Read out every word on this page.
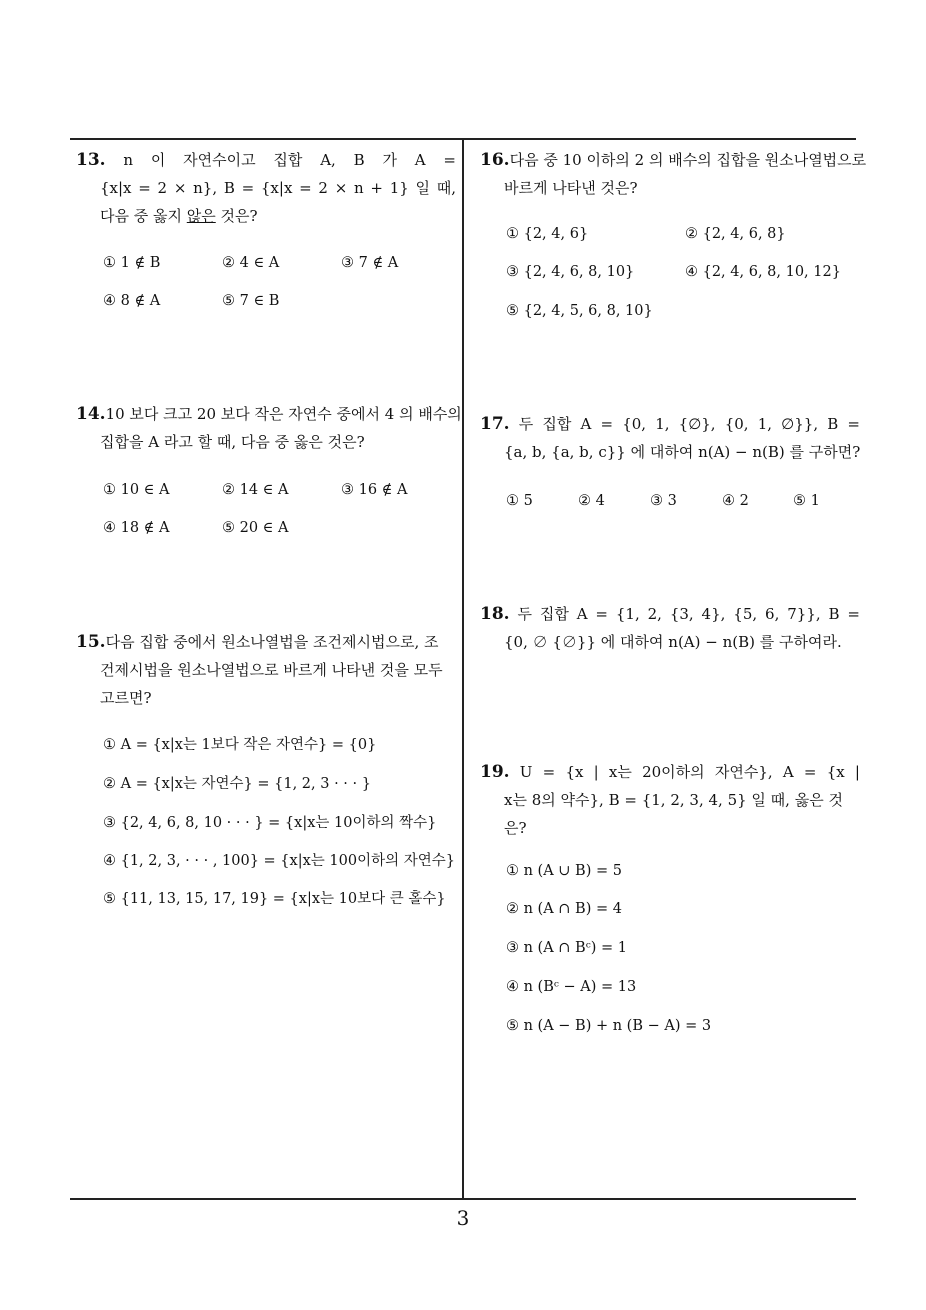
13. n 이 자연수이고 집합 A, B 가 A =
{x|x = 2 × n}, B = {x|x = 2 × n + 1} 일 때,
다음 중 옳지 않은 것은?
① 1 ∉ B	② 4 ∈ A	③ 7 ∉ A
④ 8 ∉ A	⑤ 7 ∈ B
14.10 보다 크고 20 보다 작은 자연수 중에서 4 의 배수의
집합을 A 라고 할 때, 다음 중 옳은 것은?
① 10 ∈ A	② 14 ∈ A	③ 16 ∉ A
④ 18 ∉ A	⑤ 20 ∈ A
15.다음 집합 중에서 원소나열법을 조건제시법으로, 조
건제시법을 원소나열법으로 바르게 나타낸 것을 모두
고르면?
① A = {x|x는 1보다 작은 자연수} = {0}
② A = {x|x는 자연수} = {1, 2, 3 · · · }
③ {2, 4, 6, 8, 10 · · · } = {x|x는 10이하의 짝수}
④ {1, 2, 3, · · · , 100} = {x|x는 100이하의 자연수}
⑤ {11, 13, 15, 17, 19} = {x|x는 10보다 큰 홀수}
16.다음 중 10 이하의 2 의 배수의 집합을 원소나열법으로
바르게 나타낸 것은?
① {2, 4, 6}	② {2, 4, 6, 8}
③ {2, 4, 6, 8, 10}	④ {2, 4, 6, 8, 10, 12}
⑤ {2, 4, 5, 6, 8, 10}
17. 두 집합 A = {0, 1, {∅}, {0, 1, ∅}}, B =
{a, b, {a, b, c}} 에 대하여 n(A) − n(B) 를 구하면?
① 5	② 4	③ 3	④ 2	⑤ 1
18. 두 집합 A = {1, 2, {3, 4}, {5, 6, 7}}, B =
{0, ∅ {∅}} 에 대하여 n(A) − n(B) 를 구하여라.
19. U = {x | x는 20이하의 자연수}, A = {x |
x는 8의 약수}, B = {1, 2, 3, 4, 5} 일 때, 옳은 것
은?
① n (A ∪ B) = 5
② n (A ∩ B) = 4
③ n (A ∩ Bᶜ) = 1
④ n (Bᶜ − A) = 13
⑤ n (A − B) + n (B − A) = 3
3
